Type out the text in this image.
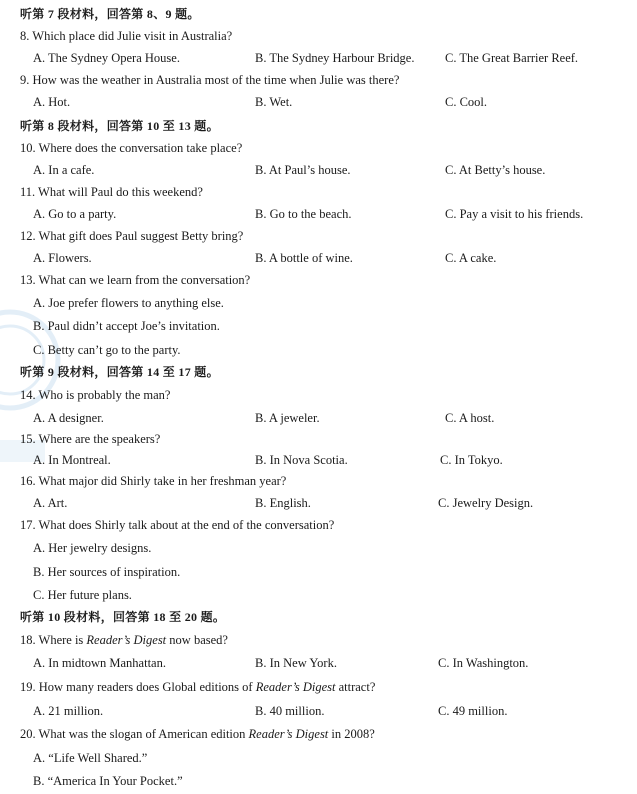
听第 7 段材料，回答第 8、9 题。
8. Which place did Julie visit in Australia?
A. The Sydney Opera House.	B. The Sydney Harbour Bridge. C. The Great Barrier Reef.
9. How was the weather in Australia most of the time when Julie was there?
A. Hot.	B. Wet.	C. Cool.
听第 8 段材料，回答第 10 至 13 题。
10. Where does the conversation take place?
A. In a cafe.	B. At Paul’s house.	C. At Betty’s house.
11. What will Paul do this weekend?
A. Go to a party.	B. Go to the beach.	C. Pay a visit to his friends.
12. What gift does Paul suggest Betty bring?
A. Flowers.	B. A bottle of wine.	C. A cake.
13. What can we learn from the conversation?
A. Joe prefer flowers to anything else.
B. Paul didn’t accept Joe’s invitation.
C. Betty can’t go to the party.
听第 9 段材料，回答第 14 至 17 题。
14. Who is probably the man?
A. A designer.	B. A jeweler.	C. A host.
15. Where are the speakers?
A. In Montreal.	B. In Nova Scotia.	C. In Tokyo.
16. What major did Shirly take in her freshman year?
A. Art.	B. English.	C. Jewelry Design.
17. What does Shirly talk about at the end of the conversation?
A. Her jewelry designs.
B. Her sources of inspiration.
C. Her future plans.
听第 10 段材料，回答第 18 至 20 题。
18. Where is Reader’s Digest now based?
A. In midtown Manhattan.	B. In New York.	C. In Washington.
19. How many readers does Global editions of Reader’s Digest attract?
A. 21 million.	B. 40 million.	C. 49 million.
20. What was the slogan of American edition Reader’s Digest in 2008?
A. “Life Well Shared.”
B. “America In Your Pocket.”
